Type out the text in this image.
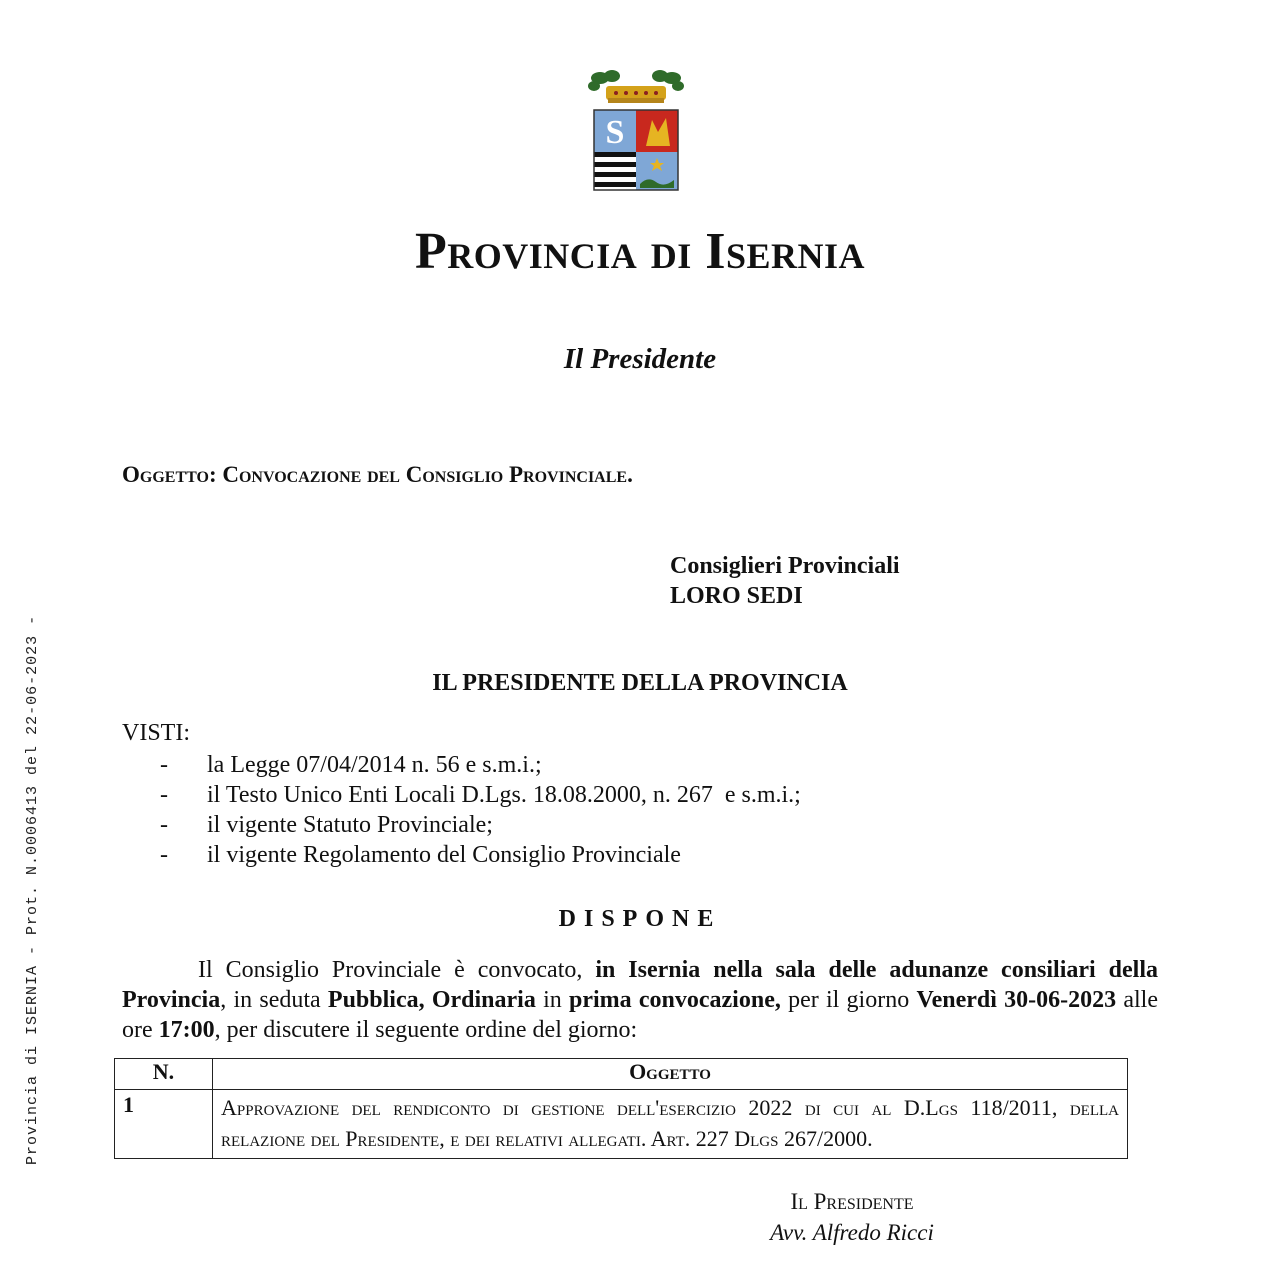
Provincia di ISERNIA - Prot. N.0006413 del 22-06-2023 -
S
Provincia di Isernia
Il Presidente
Oggetto: Convocazione del Consiglio Provinciale.
Consiglieri Provinciali
LORO SEDI
IL PRESIDENTE DELLA PROVINCIA
VISTI:
- la Legge 07/04/2014 n. 56 e s.m.i.;
- il Testo Unico Enti Locali D.Lgs. 18.08.2000, n. 267  e s.m.i.;
- il vigente Statuto Provinciale;
- il vigente Regolamento del Consiglio Provinciale
DISPONE
Il Consiglio Provinciale è convocato, in Isernia nella sala delle adunanze consiliari della Provincia, in seduta Pubblica, Ordinaria in prima convocazione, per il giorno Venerdì 30-06-2023 alle ore 17:00, per discutere il seguente ordine del giorno:
N.	Oggetto
1	Approvazione del rendiconto di gestione dell'esercizio 2022 di cui al D.Lgs 118/2011, della relazione del Presidente, e dei relativi allegati. Art. 227 Dlgs 267/2000.
Il Presidente
Avv. Alfredo Ricci
